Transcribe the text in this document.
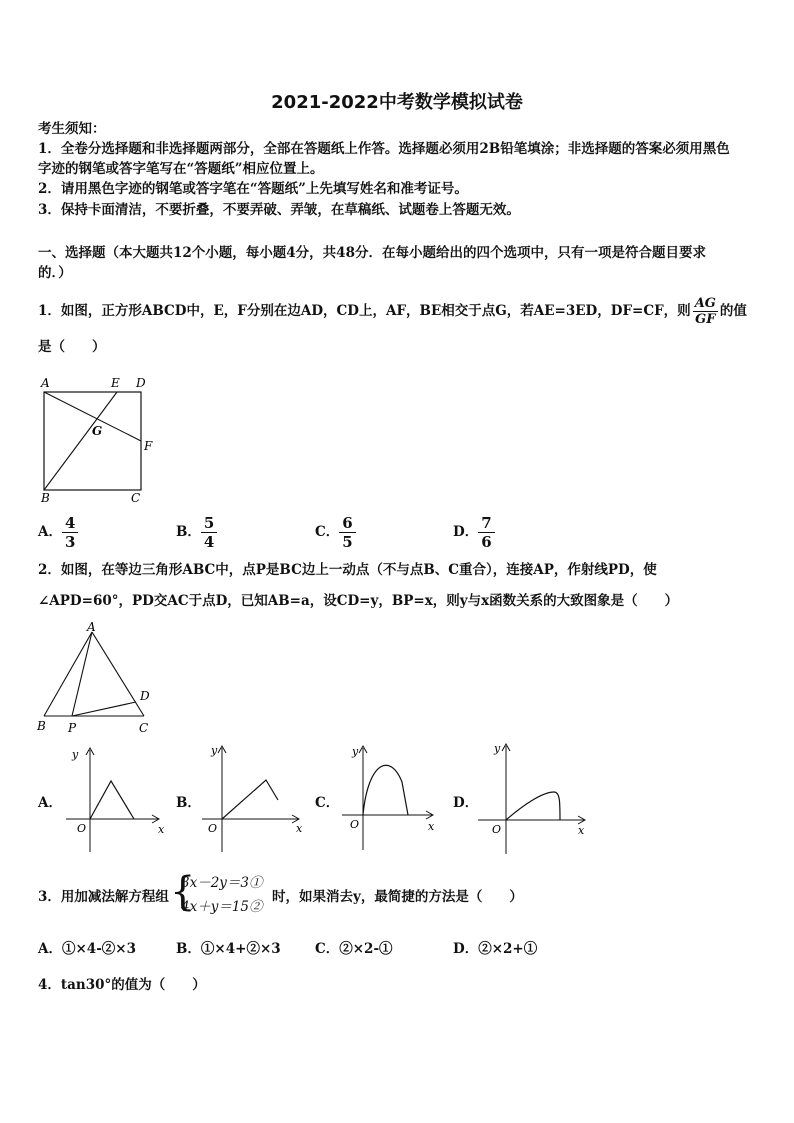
2021-2022中考数学模拟试卷
考生须知：
1．全卷分选择题和非选择题两部分，全部在答题纸上作答。选择题必须用2B铅笔填涂；非选择题的答案必须用黑色
字迹的钢笔或答字笔写在“答题纸”相应位置上。
2．请用黑色字迹的钢笔或答字笔在“答题纸”上先填写姓名和准考证号。
3．保持卡面清洁，不要折叠，不要弄破、弄皱，在草稿纸、试题卷上答题无效。
一、选择题（本大题共12个小题，每小题4分，共48分．在每小题给出的四个选项中，只有一项是符合题目要求
的．）
1．如图，正方形ABCD中，E，F分别在边AD，CD上，AF，BE相交于点G，若AE=3ED，DF=CF，则 $\frac{AG}{GF}$ 的值
是（　　）
A	E D
G
F
B	C
A． $\frac{4}{3}$	B． $\frac{5}{4}$	C． $\frac{6}{5}$	D． $\frac{7}{6}$
2．如图，在等边三角形ABC中，点P是BC边上一动点（不与点B、C重合），连接AP，作射线PD，使
∠APD=60°，PD交AC于点D，已知AB=a，设CD=y，BP=x，则y与x函数关系的大致图象是（　　）
A
B P	C
D
A．
y
x
O
B．
y
x
O
C．
y
x
O
D．
y
x
O
3．用加减法解方程组 {
3x－2y＝3①
4x＋y＝15②
时，如果消去y，最简捷的方法是（　　）
A．①×4-②×3	B．①×4+②×3	C．②×2-①	D．②×2+①
4．tan30°的值为（　　）
